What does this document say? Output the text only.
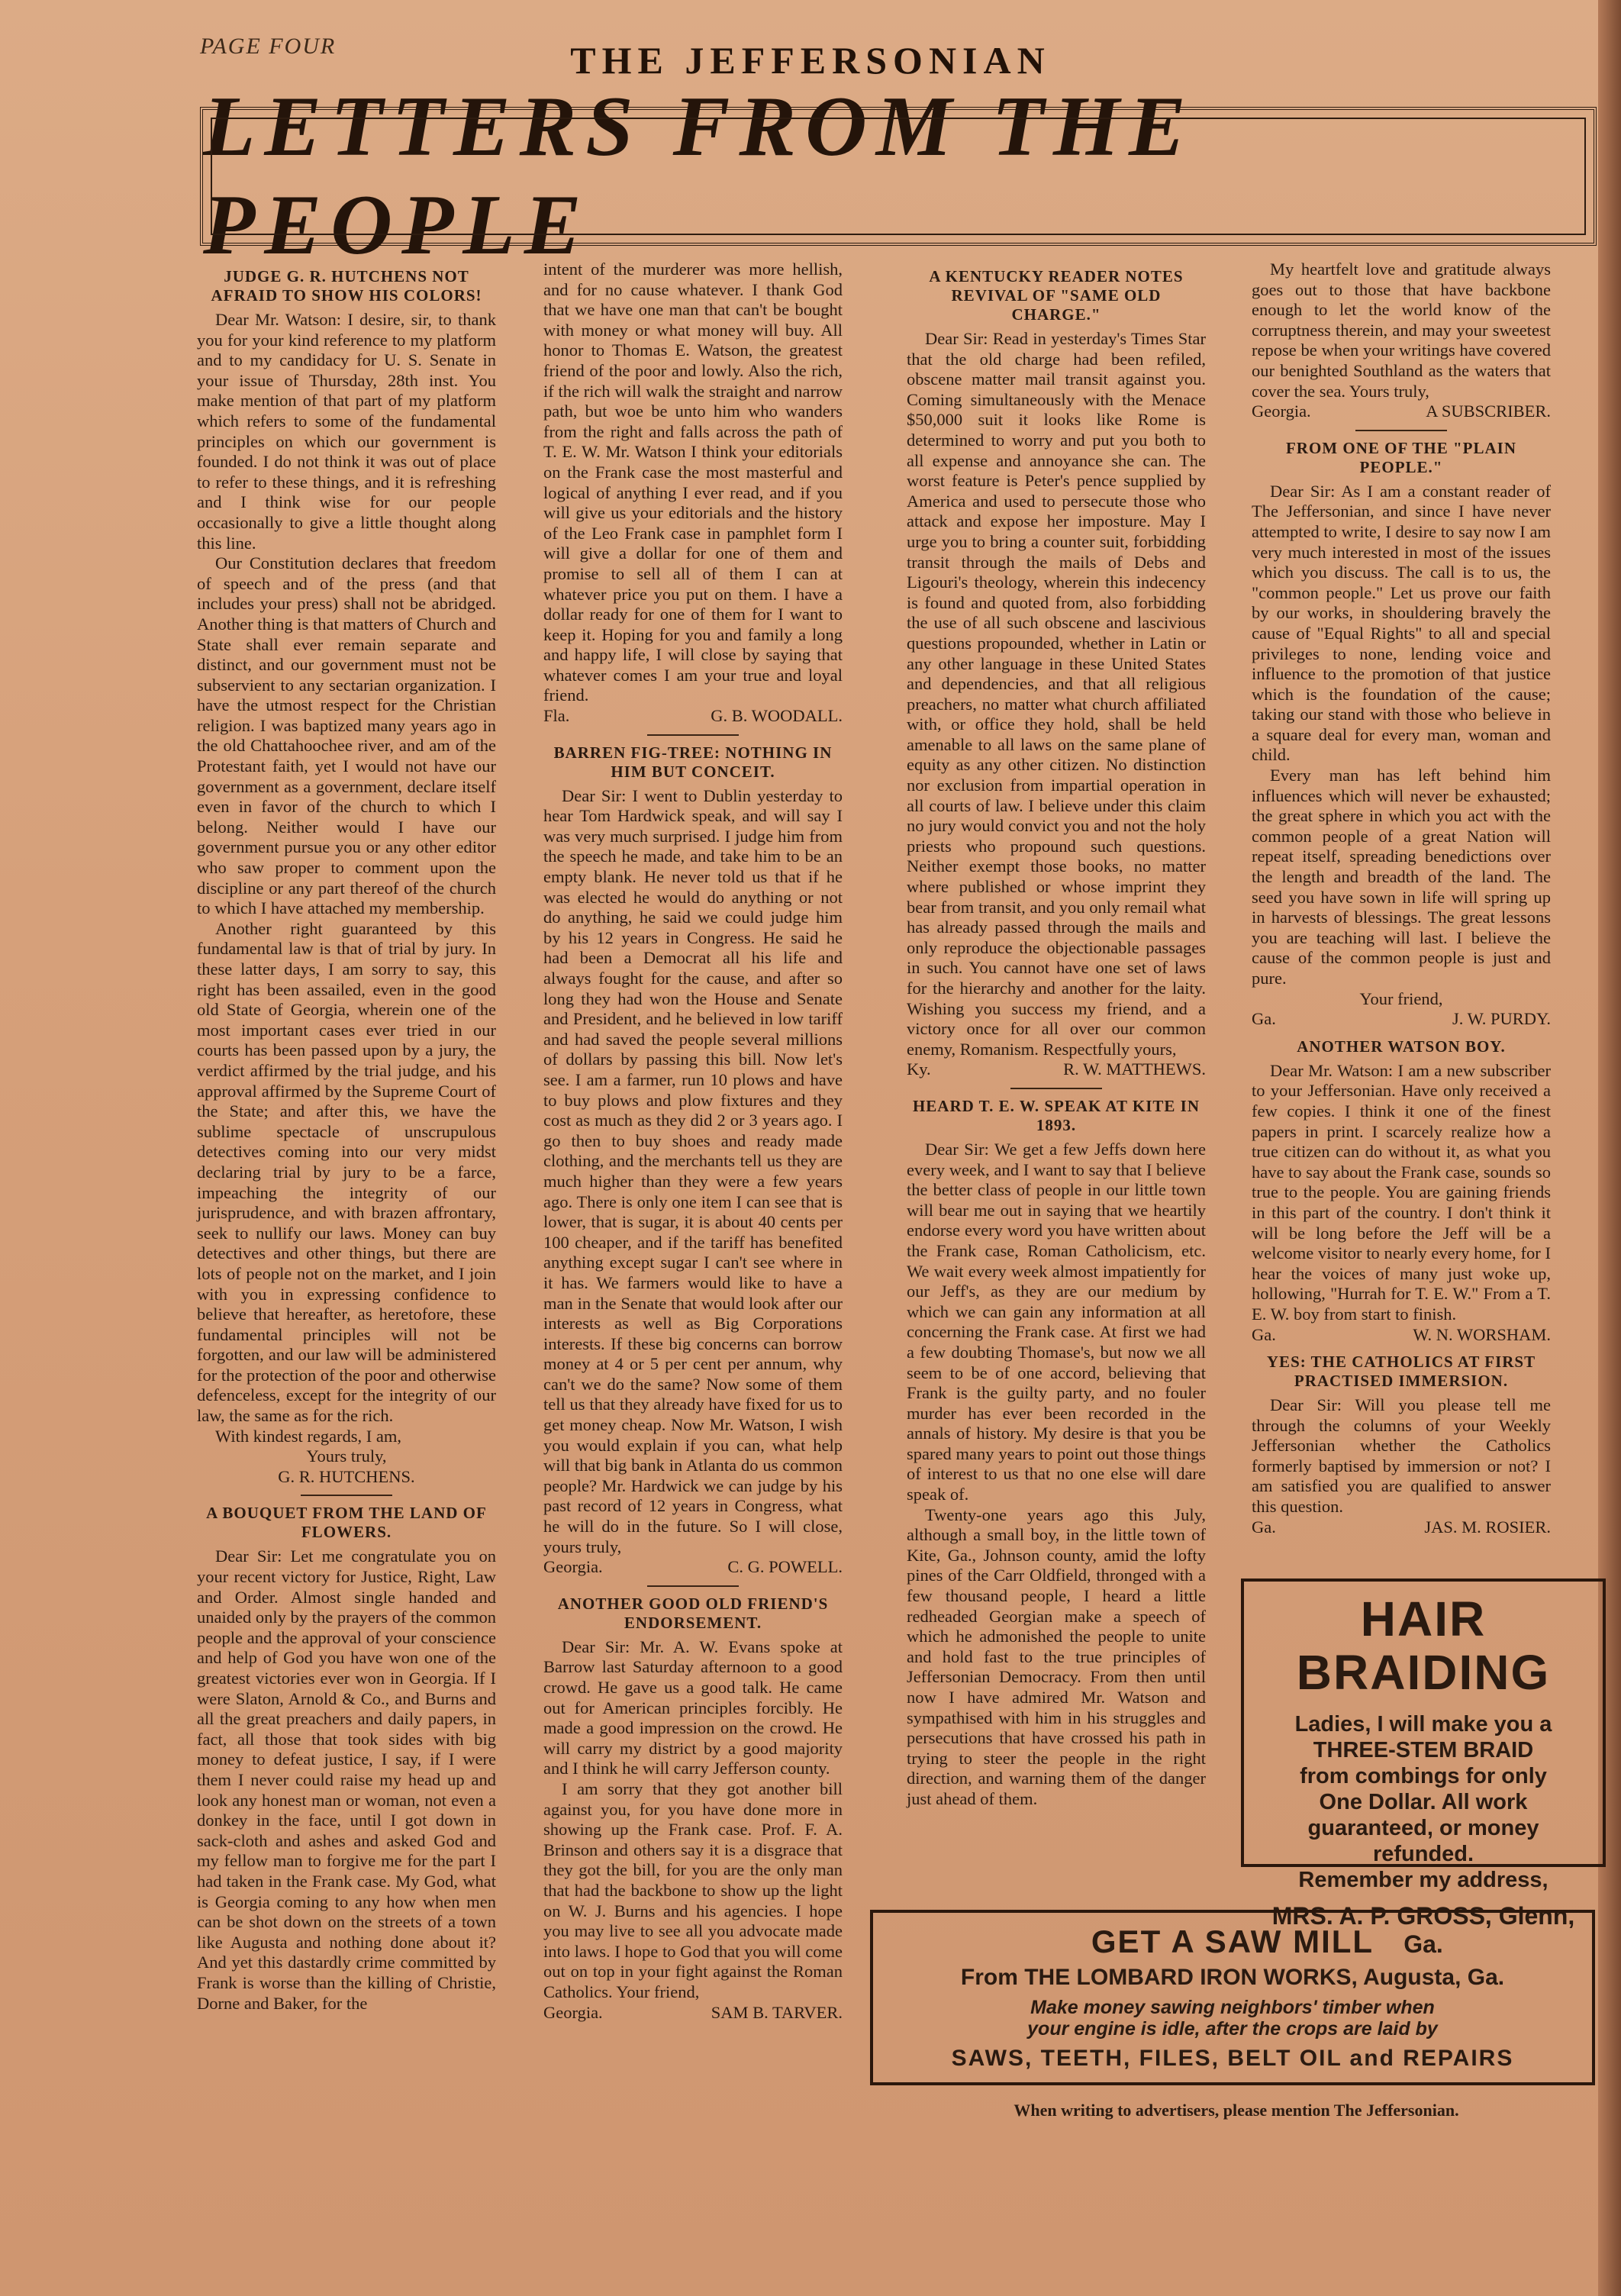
PAGE FOUR	THE JEFFERSONIAN
LETTERS FROM THE PEOPLE
JUDGE G. R. HUTCHENS NOT AFRAID TO SHOW HIS COLORS!

Dear Mr. Watson: I desire, sir, to thank you for your kind reference to my platform and to my candidacy for U. S. Senate in your issue of Thursday, 28th inst. You make mention of that part of my platform which refers to some of the fundamental principles on which our government is founded. I do not think it was out of place to refer to these things, and it is refreshing and I think wise for our people occasionally to give a little thought along this line.

Our Constitution declares that freedom of speech and of the press (and that includes your press) shall not be abridged. Another thing is that matters of Church and State shall ever remain separate and distinct, and our government must not be subservient to any sectarian organization. I have the utmost respect for the Christian religion. I was baptized many years ago in the old Chattahoochee river, and am of the Protestant faith, yet I would not have our government as a government, declare itself even in favor of the church to which I belong. Neither would I have our government pursue you or any other editor who saw proper to comment upon the discipline or any part thereof of the church to which I have attached my membership.

Another right guaranteed by this fundamental law is that of trial by jury. In these latter days, I am sorry to say, this right has been assailed, even in the good old State of Georgia, wherein one of the most important cases ever tried in our courts has been passed upon by a jury, the verdict affirmed by the trial judge, and his approval affirmed by the Supreme Court of the State; and after this, we have the sublime spectacle of unscrupulous detectives coming into our very midst declaring trial by jury to be a farce, impeaching the integrity of our jurisprudence, and with brazen affrontary, seek to nullify our laws. Money can buy detectives and other things, but there are lots of people not on the market, and I join with you in expressing confidence to believe that hereafter, as heretofore, these fundamental principles will not be forgotten, and our law will be administered for the protection of the poor and otherwise defenceless, except for the integrity of our law, the same as for the rich.

With kindest regards, I am,

Yours truly,

G. R. HUTCHENS.

A BOUQUET FROM THE LAND OF FLOWERS.

Dear Sir: Let me congratulate you on your recent victory for Justice, Right, Law and Order. Almost single handed and unaided only by the prayers of the common people and the approval of your conscience and help of God you have won one of the greatest victories ever won in Georgia. If I were Slaton, Arnold & Co., and Burns and all the great preachers and daily papers, in fact, all those that took sides with big money to defeat justice, I say, if I were them I never could raise my head up and look any honest man or woman, not even a donkey in the face, until I got down in sack-cloth and ashes and asked God and my fellow man to forgive me for the part I had taken in the Frank case. My God, what is Georgia coming to any how when men can be shot down on the streets of a town like Augusta and nothing done about it? And yet this dastardly crime committed by Frank is worse than the killing of Christie, Dorne and Baker, for the

intent of the murderer was more hellish, and for no cause whatever. I thank God that we have one man that can't be bought with money or what money will buy. All honor to Thomas E. Watson, the greatest friend of the poor and lowly. Also the rich, if the rich will walk the straight and narrow path, but woe be unto him who wanders from the right and falls across the path of T. E. W. Mr. Watson I think your editorials on the Frank case the most masterful and logical of anything I ever read, and if you will give us your editorials and the history of the Leo Frank case in pamphlet form I will give a dollar for one of them and promise to sell all of them I can at whatever price you put on them. I have a dollar ready for one of them for I want to keep it. Hoping for you and family a long and happy life, I will close by saying that whatever comes I am your true and loyal friend.

Fla.	G. B. WOODALL.

BARREN FIG-TREE: NOTHING IN HIM BUT CONCEIT.

Dear Sir: I went to Dublin yesterday to hear Tom Hardwick speak, and will say I was very much surprised. I judge him from the speech he made, and take him to be an empty blank. He never told us that if he was elected he would do anything or not do anything, he said we could judge him by his 12 years in Congress. He said he had been a Democrat all his life and always fought for the cause, and after so long they had won the House and Senate and President, and he believed in low tariff and had saved the people several millions of dollars by passing this bill. Now let's see. I am a farmer, run 10 plows and have to buy plows and plow fixtures and they cost as much as they did 2 or 3 years ago. I go then to buy shoes and ready made clothing, and the merchants tell us they are much higher than they were a few years ago. There is only one item I can see that is lower, that is sugar, it is about 40 cents per 100 cheaper, and if the tariff has benefited anything except sugar I can't see where in it has. We farmers would like to have a man in the Senate that would look after our interests as well as Big Corporations interests. If these big concerns can borrow money at 4 or 5 per cent per annum, why can't we do the same? Now some of them tell us that they already have fixed for us to get money cheap. Now Mr. Watson, I wish you would explain if you can, what help will that big bank in Atlanta do us common people? Mr. Hardwick we can judge by his past record of 12 years in Congress, what he will do in the future. So I will close, yours truly,

Georgia.	C. G. POWELL.

ANOTHER GOOD OLD FRIEND'S ENDORSEMENT.

Dear Sir: Mr. A. W. Evans spoke at Barrow last Saturday afternoon to a good crowd. He gave us a good talk. He came out for American principles forcibly. He made a good impression on the crowd. He will carry my district by a good majority and I think he will carry Jefferson county.

I am sorry that they got another bill against you, for you have done more in showing up the Frank case. Prof. F. A. Brinson and others say it is a disgrace that they got the bill, for you are the only man that had the backbone to show up the light on W. J. Burns and his agencies. I hope you may live to see all you advocate made into laws. I hope to God that you will come out on top in your fight against the Roman Catholics. Your friend,

Georgia.	SAM B. TARVER.

A KENTUCKY READER NOTES REVIVAL OF "SAME OLD CHARGE."

Dear Sir: Read in yesterday's Times Star that the old charge had been refiled, obscene matter mail transit against you. Coming simultaneously with the Menace $50,000 suit it looks like Rome is determined to worry and put you both to all expense and annoyance she can. The worst feature is Peter's pence supplied by America and used to persecute those who attack and expose her imposture. May I urge you to bring a counter suit, forbidding transit through the mails of Debs and Ligouri's theology, wherein this indecency is found and quoted from, also forbidding the use of all such obscene and lascivious questions propounded, whether in Latin or any other language in these United States and dependencies, and that all religious preachers, no matter what church affiliated with, or office they hold, shall be held amenable to all laws on the same plane of equity as any other citizen. No distinction nor exclusion from impartial operation in all courts of law. I believe under this claim no jury would convict you and not the holy priests who propound such questions. Neither exempt those books, no matter where published or whose imprint they bear from transit, and you only remail what has already passed through the mails and only reproduce the objectionable passages in such. You cannot have one set of laws for the hierarchy and another for the laity. Wishing you success my friend, and a victory once for all over our common enemy, Romanism. Respectfully yours,

Ky.	R. W. MATTHEWS.

HEARD T. E. W. SPEAK AT KITE IN 1893.

Dear Sir: We get a few Jeffs down here every week, and I want to say that I believe the better class of people in our little town will bear me out in saying that we heartily endorse every word you have written about the Frank case, Roman Catholicism, etc. We wait every week almost impatiently for our Jeff's, as they are our medium by which we can gain any information at all concerning the Frank case. At first we had a few doubting Thomase's, but now we all seem to be of one accord, believing that Frank is the guilty party, and no fouler murder has ever been recorded in the annals of history. My desire is that you be spared many years to point out those things of interest to us that no one else will dare speak of.

Twenty-one years ago this July, although a small boy, in the little town of Kite, Ga., Johnson county, amid the lofty pines of the Carr Oldfield, thronged with a few thousand people, I heard a little redheaded Georgian make a speech of which he admonished the people to unite and hold fast to the true principles of Jeffersonian Democracy. From then until now I have admired Mr. Watson and sympathised with him in his struggles and persecutions that have crossed his path in trying to steer the people in the right direction, and warning them of the danger just ahead of them.

My heartfelt love and gratitude always goes out to those that have backbone enough to let the world know of the corruptness therein, and may your sweetest repose be when your writings have covered our benighted Southland as the waters that cover the sea. Yours truly,

Georgia.	A SUBSCRIBER.

FROM ONE OF THE "PLAIN PEOPLE."

Dear Sir: As I am a constant reader of The Jeffersonian, and since I have never attempted to write, I desire to say now I am very much interested in most of the issues which you discuss. The call is to us, the "common people." Let us prove our faith by our works, in shouldering bravely the cause of "Equal Rights" to all and special privileges to none, lending voice and influence to the promotion of that justice which is the foundation of the cause; taking our stand with those who believe in a square deal for every man, woman and child.

Every man has left behind him influences which will never be exhausted; the great sphere in which you act with the common people of a great Nation will repeat itself, spreading benedictions over the length and breadth of the land. The seed you have sown in life will spring up in harvests of blessings. The great lessons you are teaching will last. I believe the cause of the common people is just and pure.

Your friend,

Ga.	J. W. PURDY.

ANOTHER WATSON BOY.

Dear Mr. Watson: I am a new subscriber to your Jeffersonian. Have only received a few copies. I think it one of the finest papers in print. I scarcely realize how a true citizen can do without it, as what you have to say about the Frank case, sounds so true to the people. You are gaining friends in this part of the country. I don't think it will be long before the Jeff will be a welcome visitor to nearly every home, for I hear the voices of many just woke up, hollowing, "Hurrah for T. E. W." From a T. E. W. boy from start to finish.

Ga.	W. N. WORSHAM.

YES: THE CATHOLICS AT FIRST PRACTISED IMMERSION.

Dear Sir: Will you please tell me through the columns of your Weekly Jeffersonian whether the Catholics formerly baptised by immersion or not? I am satisfied you are qualified to answer this question.

Ga.	JAS. M. ROSIER.

HAIR BRAIDING
Ladies, I will make you a
THREE-STEM BRAID
from combings for only
One Dollar. All work
guaranteed, or money
refunded.
Remember my address,
MRS. A. P. GROSS, Glenn, Ga.
GET A SAW MILL
From THE LOMBARD IRON WORKS, Augusta, Ga.
Make money sawing neighbors' timber when
your engine is idle, after the crops are laid by
SAWS, TEETH, FILES, BELT OIL and REPAIRS
When writing to advertisers, please mention The Jeffersonian.
